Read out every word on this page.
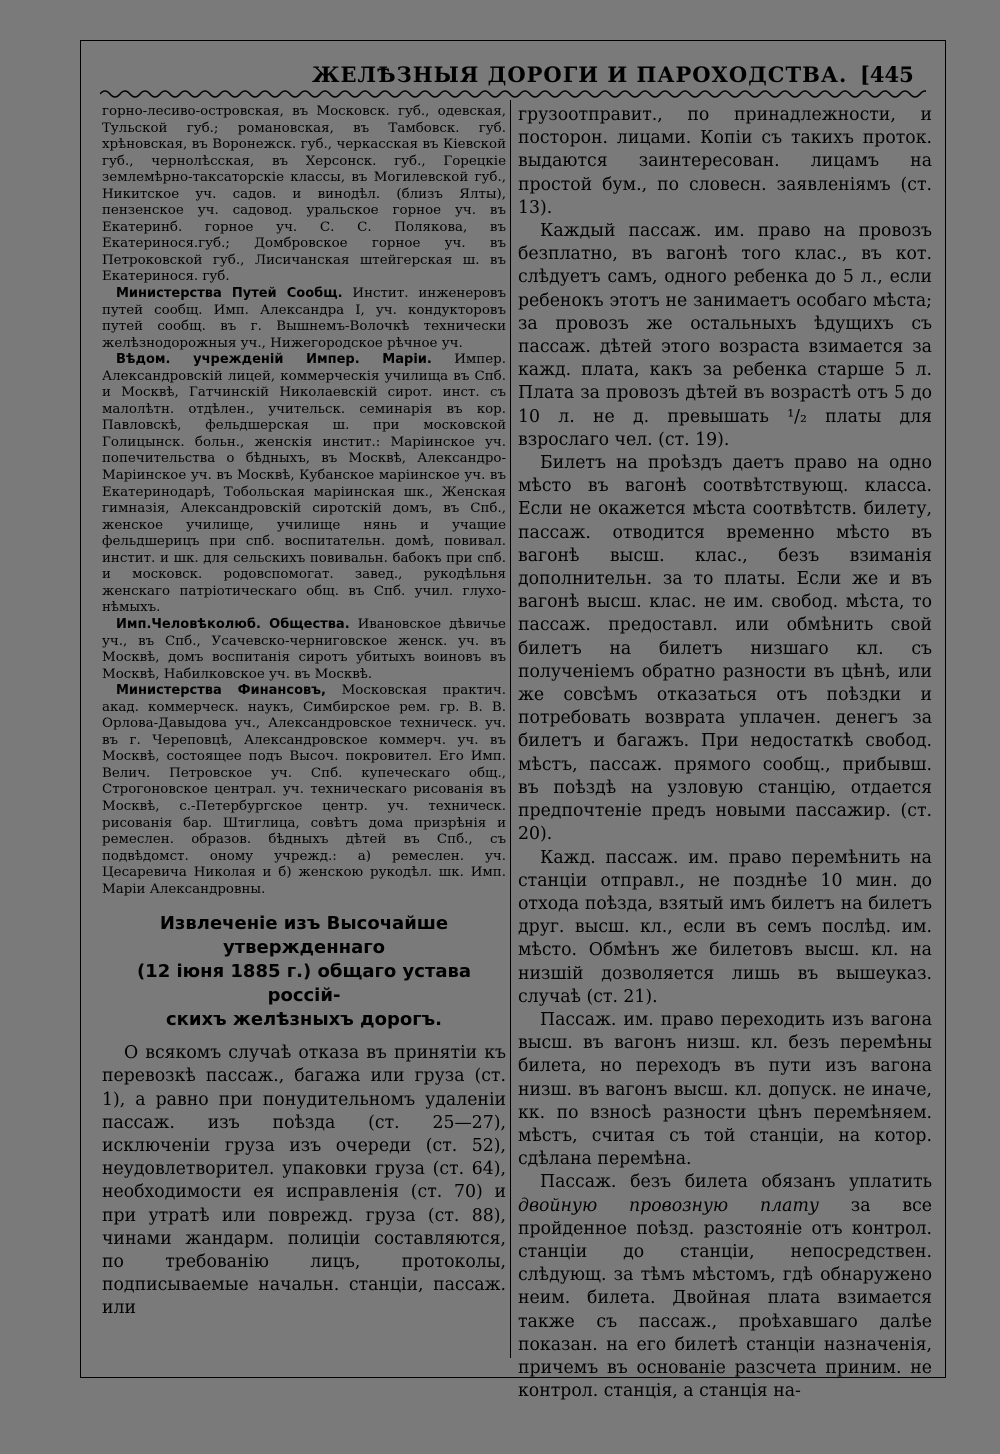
ЖЕЛѢЗНЫЯ ДОРОГИ И ПАРОХОДСТВА. [445

горно-лесиво-островская, въ Московск. губ., одевская, Тульской губ.; романовская, въ Тамбовск. губ. хрѣновская, въ Воронежск. губ., черкасская въ Кіевской губ., чернолѣсская, въ Херсонск. губ., Горецкіе землемѣрно-таксаторскіе классы, въ Могилевской губ., Никитское уч. садов. и винодѣл. (близъ Ялты), пензенское уч. садовод. уральское горное уч. въ Екатеринб. горное уч. С. С. Полякова, въ Екатеринося.губ.; Домбровское горное уч. въ Петроковской губ., Лисичанская штейгерская ш. въ Екатеринося. губ.

Министерства Путей Сообщ. Инстит. инженеровъ путей сообщ. Имп. Александра I, уч. кондукторовъ путей сообщ. въ г. Вышнемъ-Волочкѣ технически желѣзнодорожныя уч., Нижегородское рѣчное уч.

Вѣдом. учрежденій Импер. Маріи. Импер. Александровскій лицей, коммерческія училища въ Спб. и Москвѣ, Гатчинскій Николаевскій сирот. инст. съ малолѣтн. отдѣлен., учительск. семинарія въ кор. Павловскѣ, фельдшерская ш. при московской Голицынск. больн., женскія инстит.: Маріинское уч. попечительства о бѣдныхъ, въ Москвѣ, Александро-Маріинское уч. въ Москвѣ, Кубанское маріинское уч. въ Екатеринодарѣ, Тобольская маріинская шк., Женская гимназія, Александровскій сиротскій домъ, въ Спб., женское училище, училище нянь и учащие фельдшерицъ при спб. воспитательн. домѣ, повивал. инстит. и шк. для сельскихъ повивальн. бабокъ при спб. и московск. родовспомогат. завед., рукодѣльня женскаго патріотическаго общ. въ Спб. учил. глухо-нѣмыхъ.

Имп.Человѣколюб. Общества. Ивановское дѣвичье уч., въ Спб., Усачевско-черниговское женск. уч. въ Москвѣ, домъ воспитанія сиротъ убитыхъ воиновъ въ Москвѣ, Набилковское уч. въ Москвѣ.

Министерства Финансовъ, Московская практич. акад. коммерческ. наукъ, Симбирское рем. гр. В. В. Орлова-Давыдова уч., Александровское техническ. уч. въ г. Череповцѣ, Александровское коммерч. уч. въ Москвѣ, состоящее подъ Высоч. покровител. Его Имп. Велич. Петровское уч. Спб. купеческаго общ., Строгоновское централ. уч. техническаго рисованія въ Москвѣ, с.-Петербургское центр. уч. техническ. рисованія бар. Штиглица, совѣтъ дома призрѣнія и ремеслен. образов. бѣдныхъ дѣтей въ Спб., съ подвѣдомст. оному учрежд.: а) ремеслен. уч. Цесаревича Николая и б) женскою рукодѣл. шк. Имп. Маріи Александровны.

Извлеченіе изъ Высочайше утвержденнаго
(12 іюня 1885 г.) общаго устава россій-
скихъ желѣзныхъ дорогъ.

О всякомъ случаѣ отказа въ принятіи къ перевозкѣ пассаж., багажа или груза (ст. 1), а равно при понудительномъ удаленіи пассаж. изъ поѣзда (ст. 25—27), исключеніи груза изъ очереди (ст. 52), неудовлетворител. упаковки груза (ст. 64), необходимости ея исправленія (ст. 70) и при утратѣ или поврежд. груза (ст. 88), чинами жандарм. полиціи составляются, по требованію лицъ, протоколы, подписываемые начальн. станціи, пассаж. или

грузоотправит., по принадлежности, и посторон. лицами. Копіи съ такихъ проток. выдаются заинтересован. лицамъ на простой бум., по словесн. заявленіямъ (ст. 13).

Каждый пассаж. им. право на провозъ безплатно, въ вагонѣ того клас., въ кот. слѣдуетъ самъ, одного ребенка до 5 л., если ребенокъ этотъ не занимаетъ особаго мѣста; за провозъ же остальныхъ ѣдущихъ съ пассаж. дѣтей этого возраста взимается за кажд. плата, какъ за ребенка старше 5 л. Плата за провозъ дѣтей въ возрастѣ отъ 5 до 10 л. не д. превышать ¹/₂ платы для взрослаго чел. (ст. 19).

Билетъ на проѣздъ даетъ право на одно мѣсто въ вагонѣ соотвѣтствующ. класса. Если не окажется мѣста соотвѣтств. билету, пассаж. отводится временно мѣсто въ вагонѣ высш. клас., безъ взиманія дополнительн. за то платы. Если же и въ вагонѣ высш. клас. не им. свобод. мѣста, то пассаж. предоставл. или обмѣнить свой билетъ на билетъ низшаго кл. съ полученіемъ обратно разности въ цѣнѣ, или же совсѣмъ отказаться отъ поѣздки и потребовать возврата уплачен. денегъ за билетъ и багажъ. При недостаткѣ свобод. мѣстъ, пассаж. прямого сообщ., прибывш. въ поѣздѣ на узловую станцію, отдается предпочтеніе предъ новыми пассажир. (ст. 20).

Кажд. пассаж. им. право перемѣнить на станціи отправл., не позднѣе 10 мин. до отхода поѣзда, взятый имъ билетъ на билетъ друг. высш. кл., если въ семъ послѣд. им. мѣсто. Обмѣнъ же билетовъ высш. кл. на низшій дозволяется лишь въ вышеуказ. случаѣ (ст. 21).

Пассаж. им. право переходить изъ вагона высш. въ вагонъ низш. кл. безъ перемѣны билета, но переходъ въ пути изъ вагона низш. въ вагонъ высш. кл. допуск. не иначе, кк. по взносѣ разности цѣнъ перемѣняем. мѣстъ, считая съ той станціи, на котор. сдѣлана перемѣна.

Пассаж. безъ билета обязанъ уплатить двойную провозную плату за все пройденное поѣзд. разстояніе отъ контрол. станціи до станціи, непосредствен. слѣдующ. за тѣмъ мѣстомъ, гдѣ обнаружено неим. билета. Двойная плата взимается также съ пассаж., проѣхавшаго далѣе показан. на его билетѣ станціи назначенія, причемъ въ основаніе разсчета приним. не контрол. станція, а станція на-
